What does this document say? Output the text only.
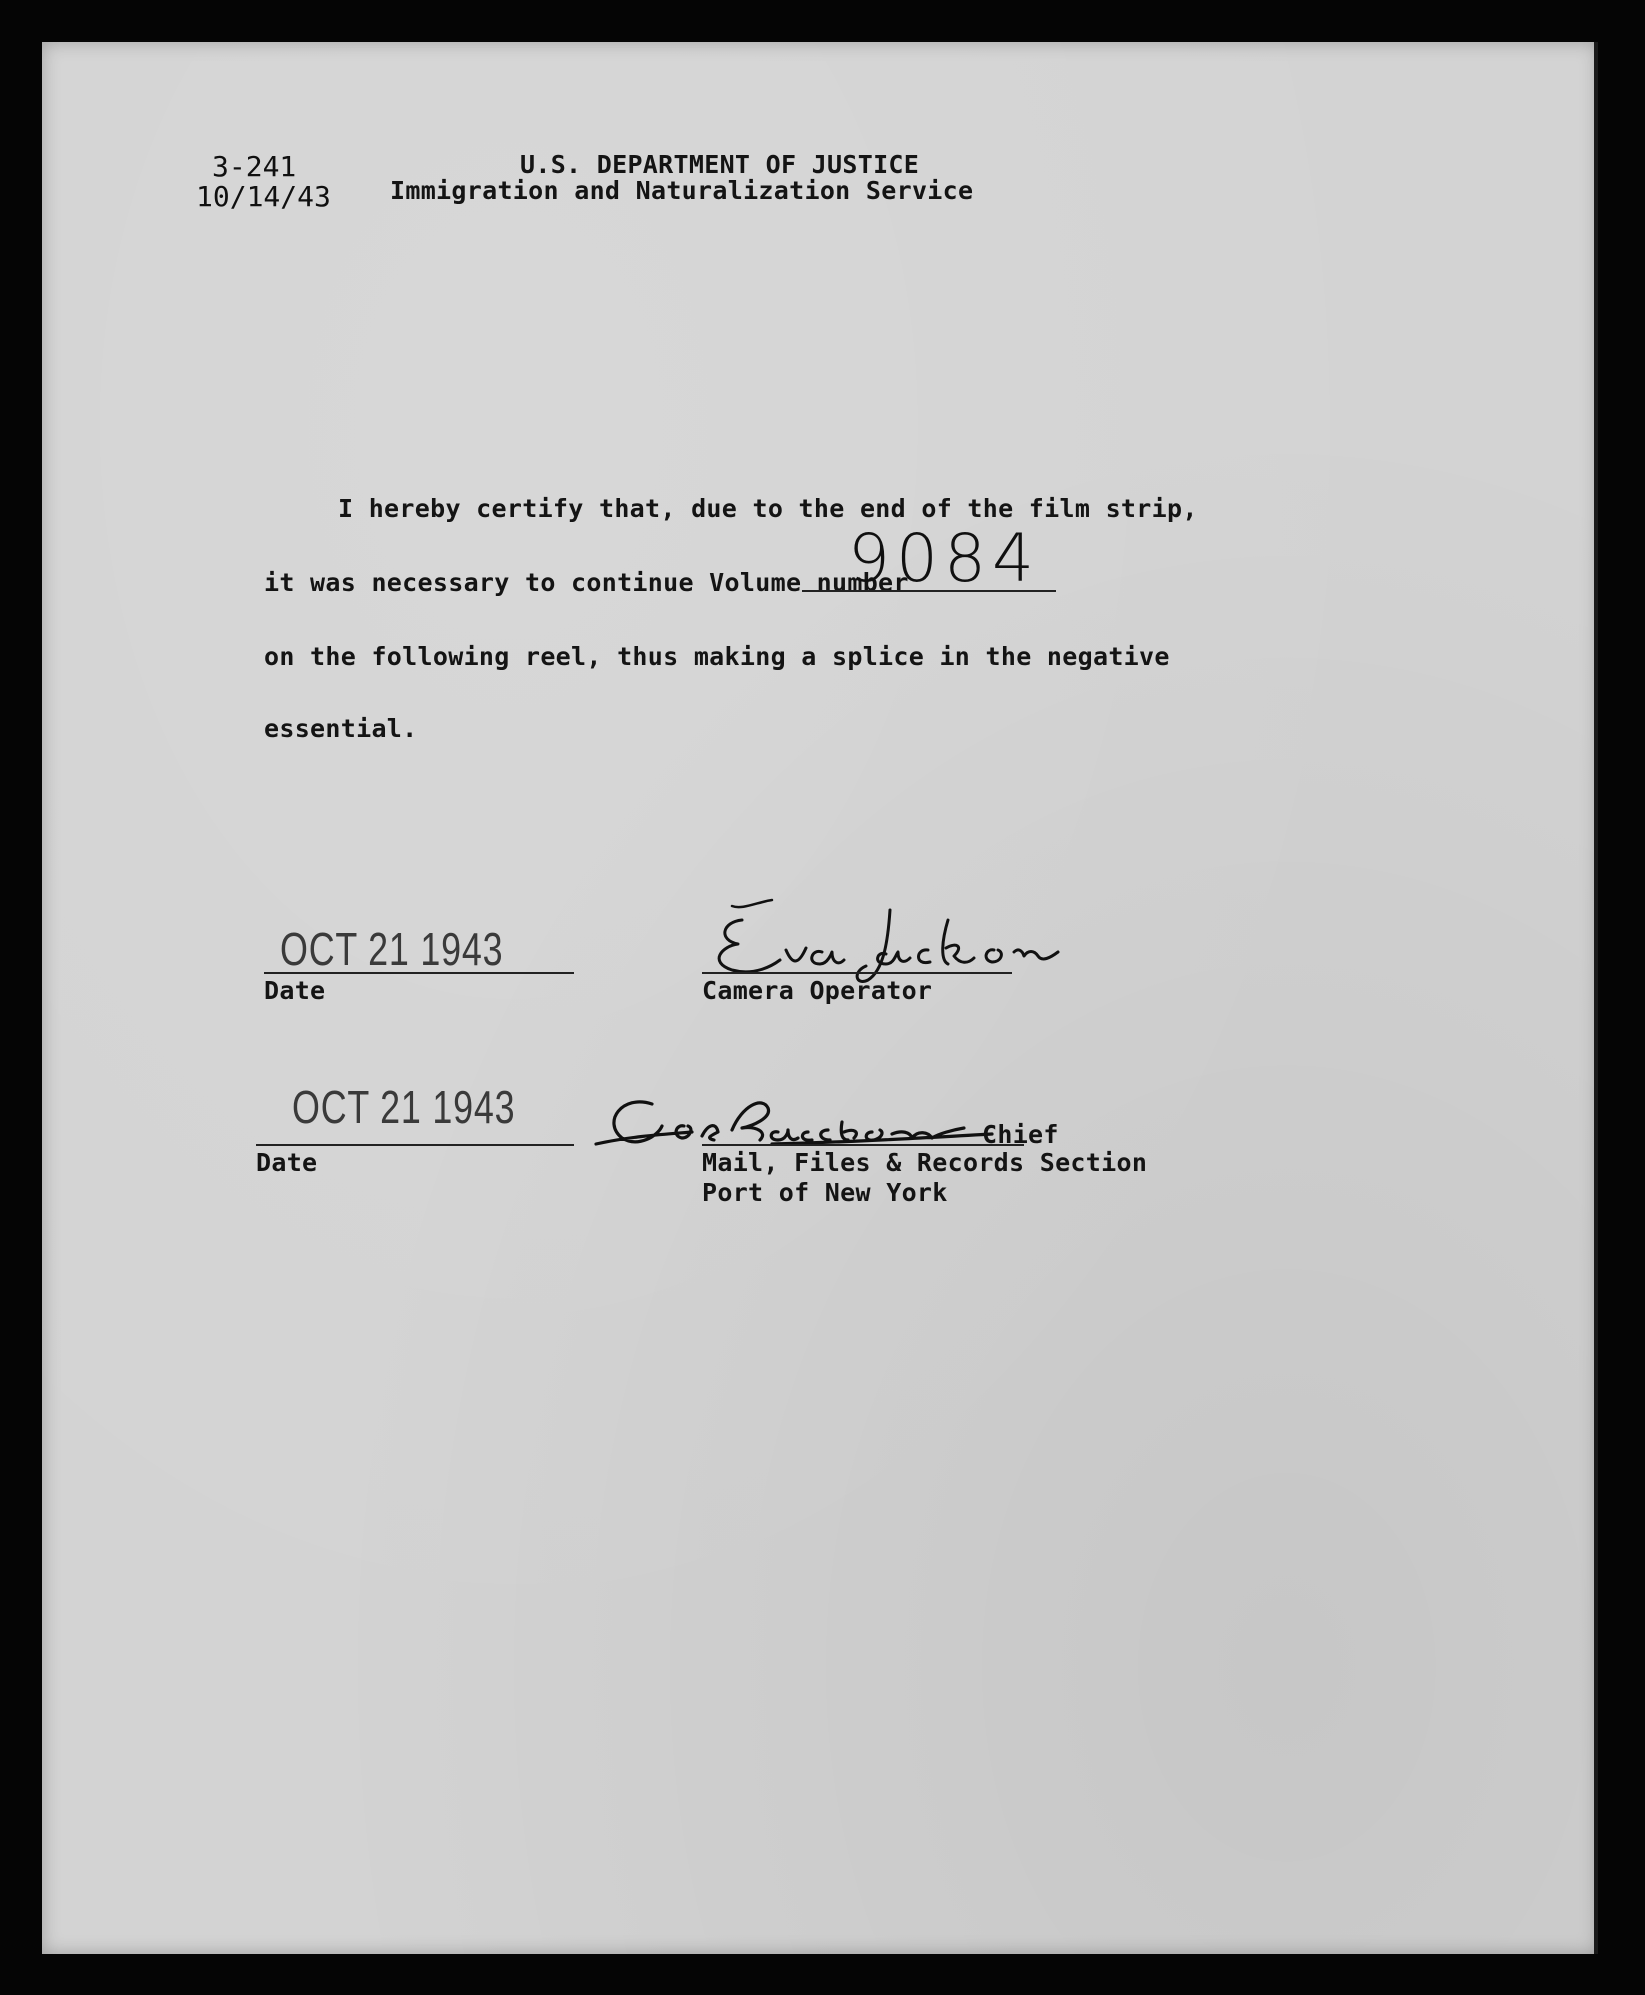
3-241
10/14/43
U.S. DEPARTMENT OF JUSTICE
Immigration and Naturalization Service
I hereby certify that, due to the end of the film strip,
it was necessary to continue Volume number
9084
on the following reel, thus making a splice in the negative
essential.
OCT 21 1943
Date	Camera Operator
OCT 21 1943
Date
Chief
Mail, Files & Records Section
Port of New York
